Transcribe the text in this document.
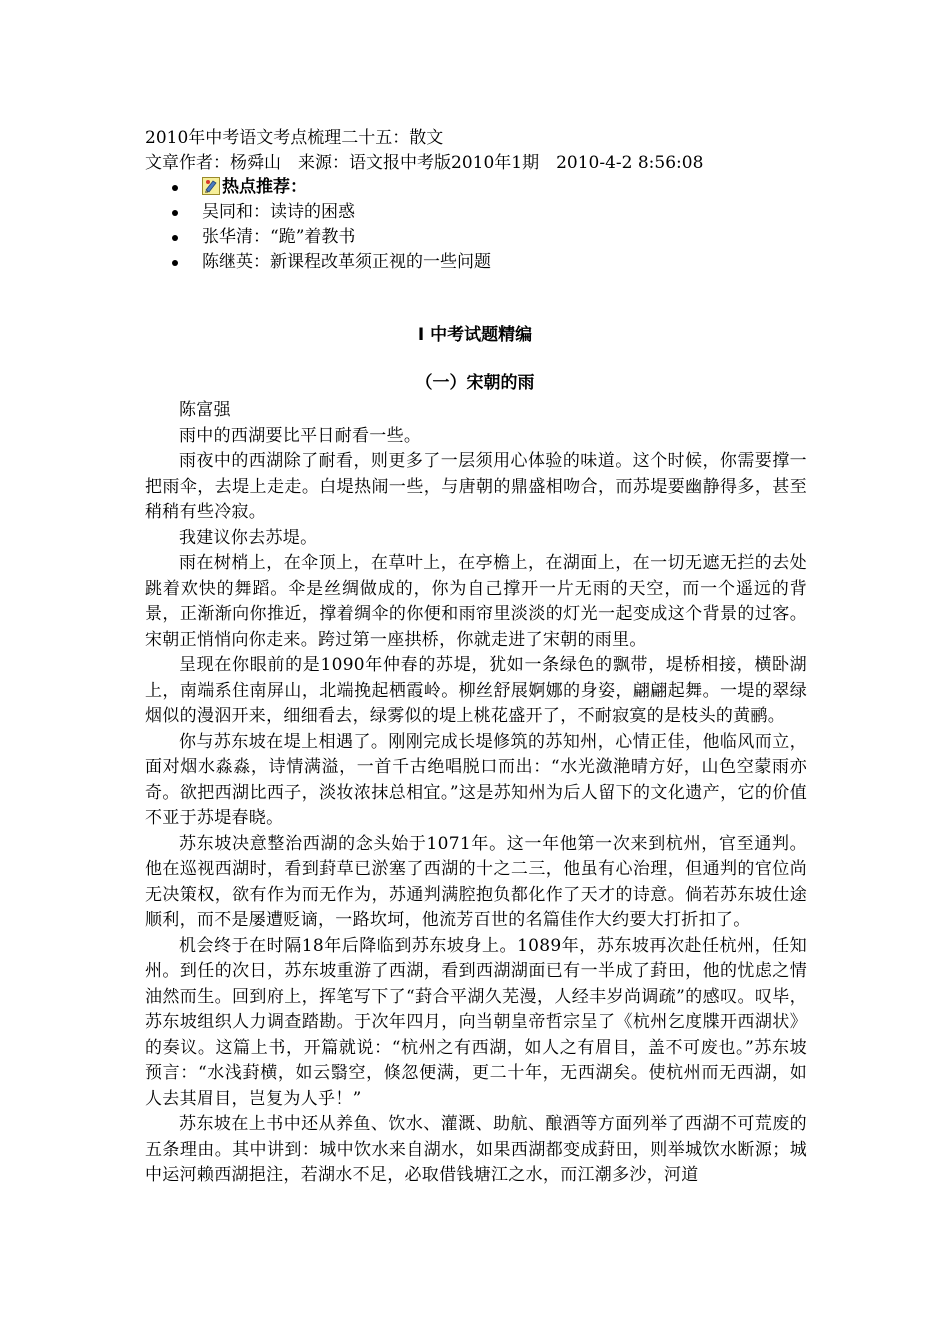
2010年中考语文考点梳理二十五：散文
文章作者：杨舜山　来源：语文报中考版2010年1期　2010-4-2 8:56:08
热点推荐：
吴同和：读诗的困惑
张华清：“跪”着教书
陈继英：新课程改革须正视的一些问题
Ⅰ 中考试题精编
（一）宋朝的雨

陈富强

雨中的西湖要比平日耐看一些。

雨夜中的西湖除了耐看，则更多了一层须用心体验的味道。这个时候，你需要撑一把雨伞，去堤上走走。白堤热闹一些，与唐朝的鼎盛相吻合，而苏堤要幽静得多，甚至稍稍有些冷寂。

我建议你去苏堤。

雨在树梢上，在伞顶上，在草叶上，在亭檐上，在湖面上，在一切无遮无拦的去处跳着欢快的舞蹈。伞是丝绸做成的，你为自己撑开一片无雨的天空，而一个遥远的背景，正渐渐向你推近，撑着绸伞的你便和雨帘里淡淡的灯光一起变成这个背景的过客。宋朝正悄悄向你走来。跨过第一座拱桥，你就走进了宋朝的雨里。

呈现在你眼前的是1090年仲春的苏堤，犹如一条绿色的飘带，堤桥相接，横卧湖上，南端系住南屏山，北端挽起栖霞岭。柳丝舒展婀娜的身姿，翩翩起舞。一堤的翠绿烟似的漫泅开来，细细看去，绿雾似的堤上桃花盛开了，不耐寂寞的是枝头的黄鹂。

你与苏东坡在堤上相遇了。刚刚完成长堤修筑的苏知州，心情正佳，他临风而立，面对烟水淼淼，诗情满溢，一首千古绝唱脱口而出：“水光潋滟晴方好，山色空蒙雨亦奇。欲把西湖比西子，淡妆浓抹总相宜。”这是苏知州为后人留下的文化遗产，它的价值不亚于苏堤春晓。

苏东坡决意整治西湖的念头始于1071年。这一年他第一次来到杭州，官至通判。他在巡视西湖时，看到葑草已淤塞了西湖的十之二三，他虽有心治理，但通判的官位尚无决策权，欲有作为而无作为，苏通判满腔抱负都化作了天才的诗意。倘若苏东坡仕途顺利，而不是屡遭贬谪，一路坎坷，他流芳百世的名篇佳作大约要大打折扣了。

机会终于在时隔18年后降临到苏东坡身上。1089年，苏东坡再次赴任杭州，任知州。到任的次日，苏东坡重游了西湖，看到西湖湖面已有一半成了葑田，他的忧虑之情油然而生。回到府上，挥笔写下了“葑合平湖久芜漫，人经丰岁尚调疏”的感叹。叹毕，苏东坡组织人力调查踏勘。于次年四月，向当朝皇帝哲宗呈了《杭州乞度牒开西湖状》的奏议。这篇上书，开篇就说：“杭州之有西湖，如人之有眉目，盖不可废也。”苏东坡预言：“水浅葑横，如云翳空，倏忽便满，更二十年，无西湖矣。使杭州而无西湖，如人去其眉目，岂复为人乎！”

苏东坡在上书中还从养鱼、饮水、灌溉、助航、酿酒等方面列举了西湖不可荒废的五条理由。其中讲到：城中饮水来自湖水，如果西湖都变成葑田，则举城饮水断源；城中运河赖西湖挹注，若湖水不足，必取借钱塘江之水，而江潮多沙，河道
